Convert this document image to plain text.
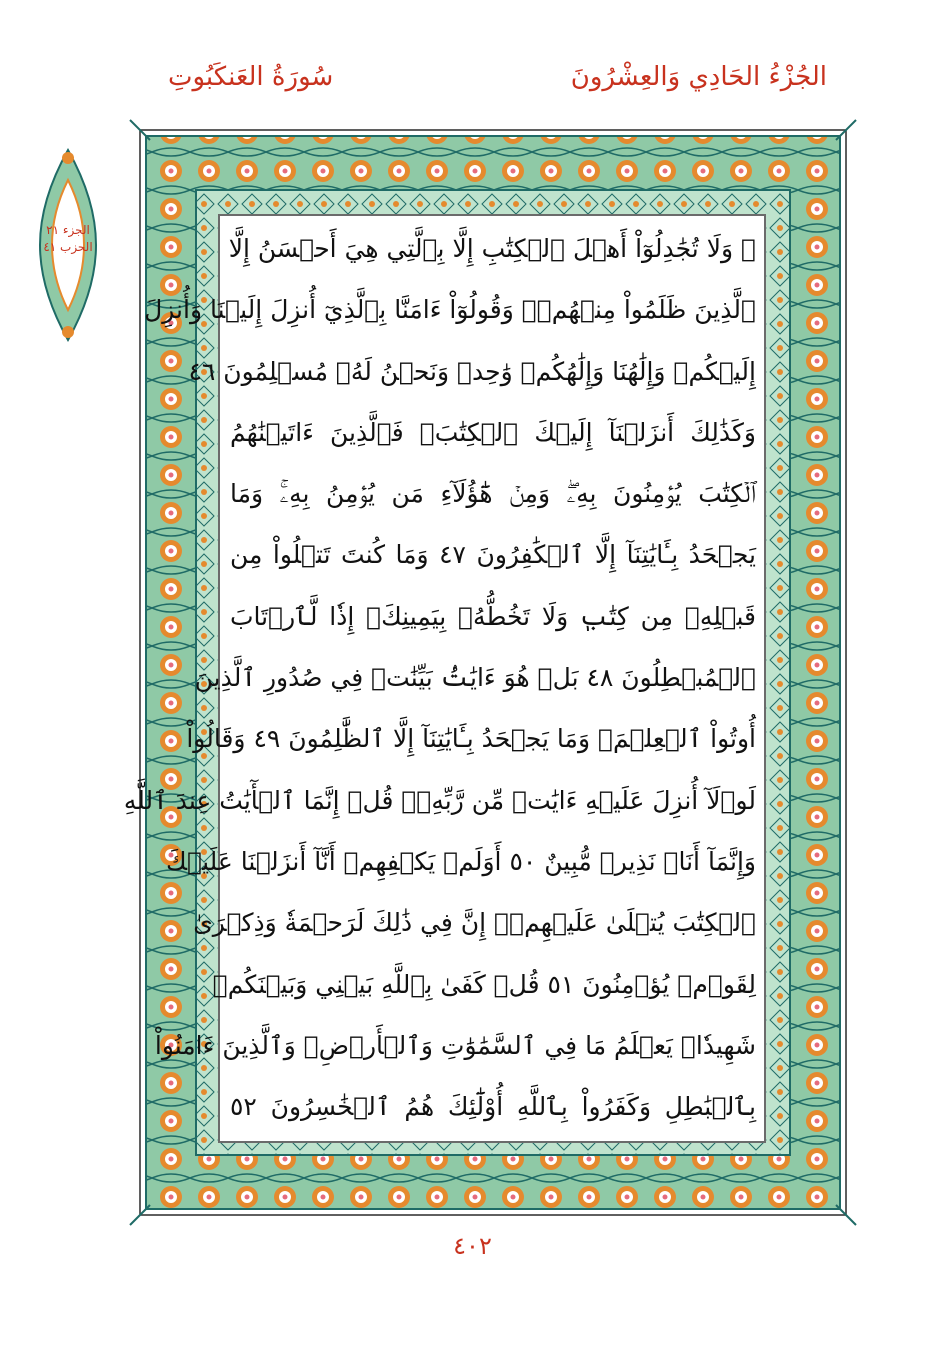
الجُزْءُ الحَادِي وَالعِشْرُونَ
سُورَةُ العَنكَبُوتِ
الجزء ٢١
الحزب ٤١	۞ وَلَا تُجَٰدِلُوٓاْ أَهۡلَ ٱلۡكِتَٰبِ إِلَّا بِٱلَّتِي هِيَ أَحۡسَنُ إِلَّا
ٱلَّذِينَ ظَلَمُواْ مِنۡهُمۡۖ وَقُولُوٓاْ ءَامَنَّا بِٱلَّذِيٓ أُنزِلَ إِلَيۡنَا وَأُنزِلَ
إِلَيۡكُمۡ وَإِلَٰهُنَا وَإِلَٰهُكُمۡ وَٰحِدٞ وَنَحۡنُ لَهُۥ مُسۡلِمُونَ ٤٦
وَكَذَٰلِكَ أَنزَلۡنَآ إِلَيۡكَ ٱلۡكِتَٰبَۚ فَٱلَّذِينَ ءَاتَيۡنَٰهُمُ
ٱلۡكِتَٰبَ يُؤۡمِنُونَ بِهِۦۖ وَمِنۡ هَٰٓؤُلَآءِ مَن يُؤۡمِنُ بِهِۦۚ وَمَا
يَجۡحَدُ بِـَٔايَٰتِنَآ إِلَّا ٱلۡكَٰفِرُونَ ٤٧ وَمَا كُنتَ تَتۡلُواْ مِن
قَبۡلِهِۦ مِن كِتَٰبٖ وَلَا تَخُطُّهُۥ بِيَمِينِكَۖ إِذٗا لَّٱرۡتَابَ
ٱلۡمُبۡطِلُونَ ٤٨ بَلۡ هُوَ ءَايَٰتُۢ بَيِّنَٰتٞ فِي صُدُورِ ٱلَّذِينَ
أُوتُواْ ٱلۡعِلۡمَۚ وَمَا يَجۡحَدُ بِـَٔايَٰتِنَآ إِلَّا ٱلظَّٰلِمُونَ ٤٩ وَقَالُواْ
لَوۡلَآ أُنزِلَ عَلَيۡهِ ءَايَٰتٞ مِّن رَّبِّهِۦۚ قُلۡ إِنَّمَا ٱلۡأٓيَٰتُ عِندَ ٱللَّهِ
وَإِنَّمَآ أَنَا۠ نَذِيرٞ مُّبِينٌ ٥٠ أَوَلَمۡ يَكۡفِهِمۡ أَنَّآ أَنزَلۡنَا عَلَيۡكَ
ٱلۡكِتَٰبَ يُتۡلَىٰ عَلَيۡهِمۡۚ إِنَّ فِي ذَٰلِكَ لَرَحۡمَةٗ وَذِكۡرَىٰ
لِقَوۡمٖ يُؤۡمِنُونَ ٥١ قُلۡ كَفَىٰ بِٱللَّهِ بَيۡنِي وَبَيۡنَكُمۡ
شَهِيدٗاۖ يَعۡلَمُ مَا فِي ٱلسَّمَٰوَٰتِ وَٱلۡأَرۡضِۗ وَٱلَّذِينَ ءَامَنُواْ
بِٱلۡبَٰطِلِ وَكَفَرُواْ بِٱللَّهِ أُوْلَٰٓئِكَ هُمُ ٱلۡخَٰسِرُونَ ٥٢
٤٠٢
